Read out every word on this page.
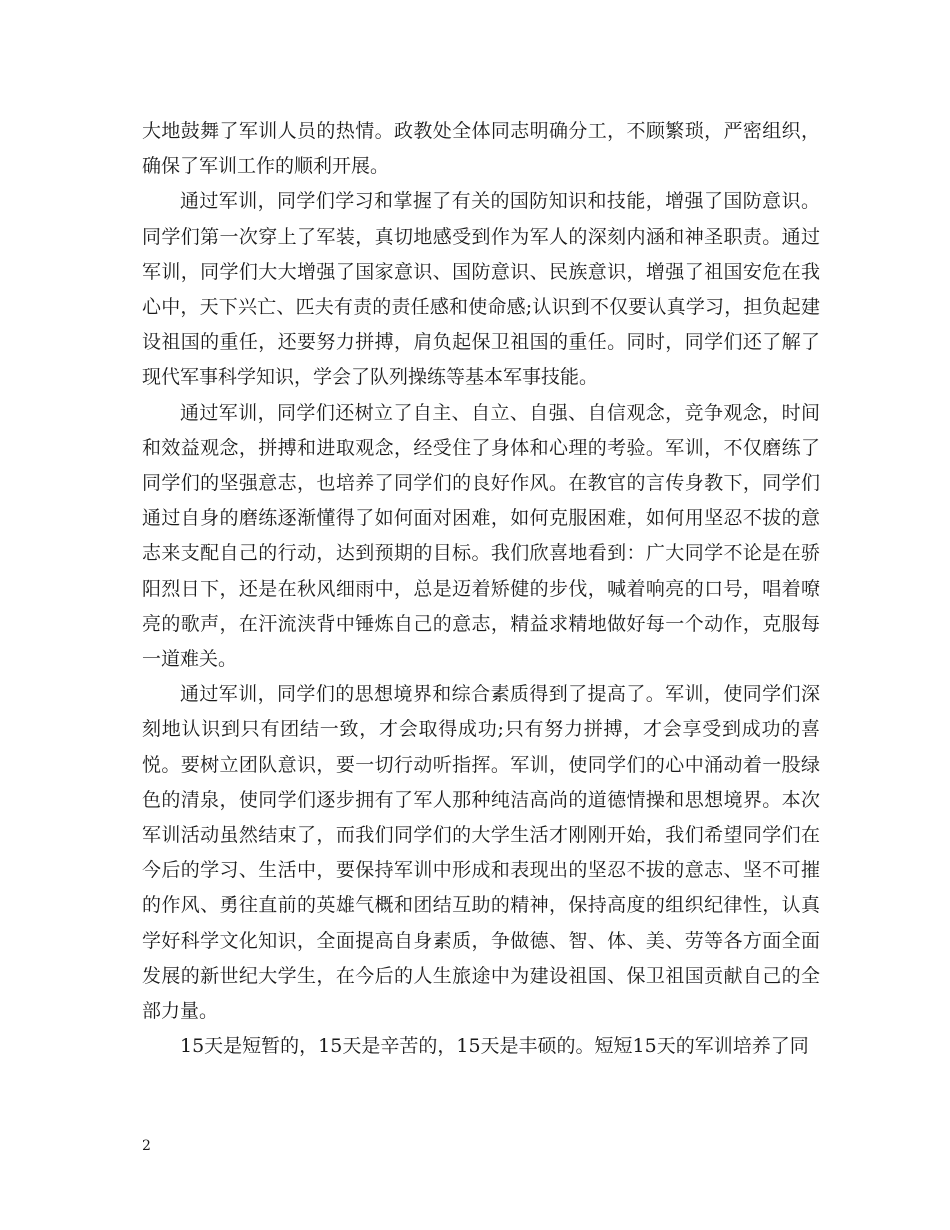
大地鼓舞了军训人员的热情。政教处全体同志明确分工，不顾繁琐，严密组织，确保了军训工作的顺利开展。

通过军训，同学们学习和掌握了有关的国防知识和技能，增强了国防意识。同学们第一次穿上了军装，真切地感受到作为军人的深刻内涵和神圣职责。通过军训，同学们大大增强了国家意识、国防意识、民族意识，增强了祖国安危在我心中，天下兴亡、匹夫有责的责任感和使命感;认识到不仅要认真学习，担负起建设祖国的重任，还要努力拼搏，肩负起保卫祖国的重任。同时，同学们还了解了现代军事科学知识，学会了队列操练等基本军事技能。

通过军训，同学们还树立了自主、自立、自强、自信观念，竞争观念，时间和效益观念，拼搏和进取观念，经受住了身体和心理的考验。军训，不仅磨练了同学们的坚强意志，也培养了同学们的良好作风。在教官的言传身教下，同学们通过自身的磨练逐渐懂得了如何面对困难，如何克服困难，如何用坚忍不拔的意志来支配自己的行动，达到预期的目标。我们欣喜地看到：广大同学不论是在骄阳烈日下，还是在秋风细雨中，总是迈着矫健的步伐，喊着响亮的口号，唱着嘹亮的歌声，在汗流浃背中锤炼自己的意志，精益求精地做好每一个动作，克服每一道难关。

通过军训，同学们的思想境界和综合素质得到了提高了。军训，使同学们深刻地认识到只有团结一致，才会取得成功;只有努力拼搏，才会享受到成功的喜悦。要树立团队意识，要一切行动听指挥。军训，使同学们的心中涌动着一股绿色的清泉，使同学们逐步拥有了军人那种纯洁高尚的道德情操和思想境界。本次军训活动虽然结束了，而我们同学们的大学生活才刚刚开始，我们希望同学们在今后的学习、生活中，要保持军训中形成和表现出的坚忍不拔的意志、坚不可摧的作风、勇往直前的英雄气概和团结互助的精神，保持高度的组织纪律性，认真学好科学文化知识，全面提高自身素质，争做德、智、体、美、劳等各方面全面发展的新世纪大学生，在今后的人生旅途中为建设祖国、保卫祖国贡献自己的全部力量。

15天是短暂的，15天是辛苦的，15天是丰硕的。短短15天的军训培养了同

2
